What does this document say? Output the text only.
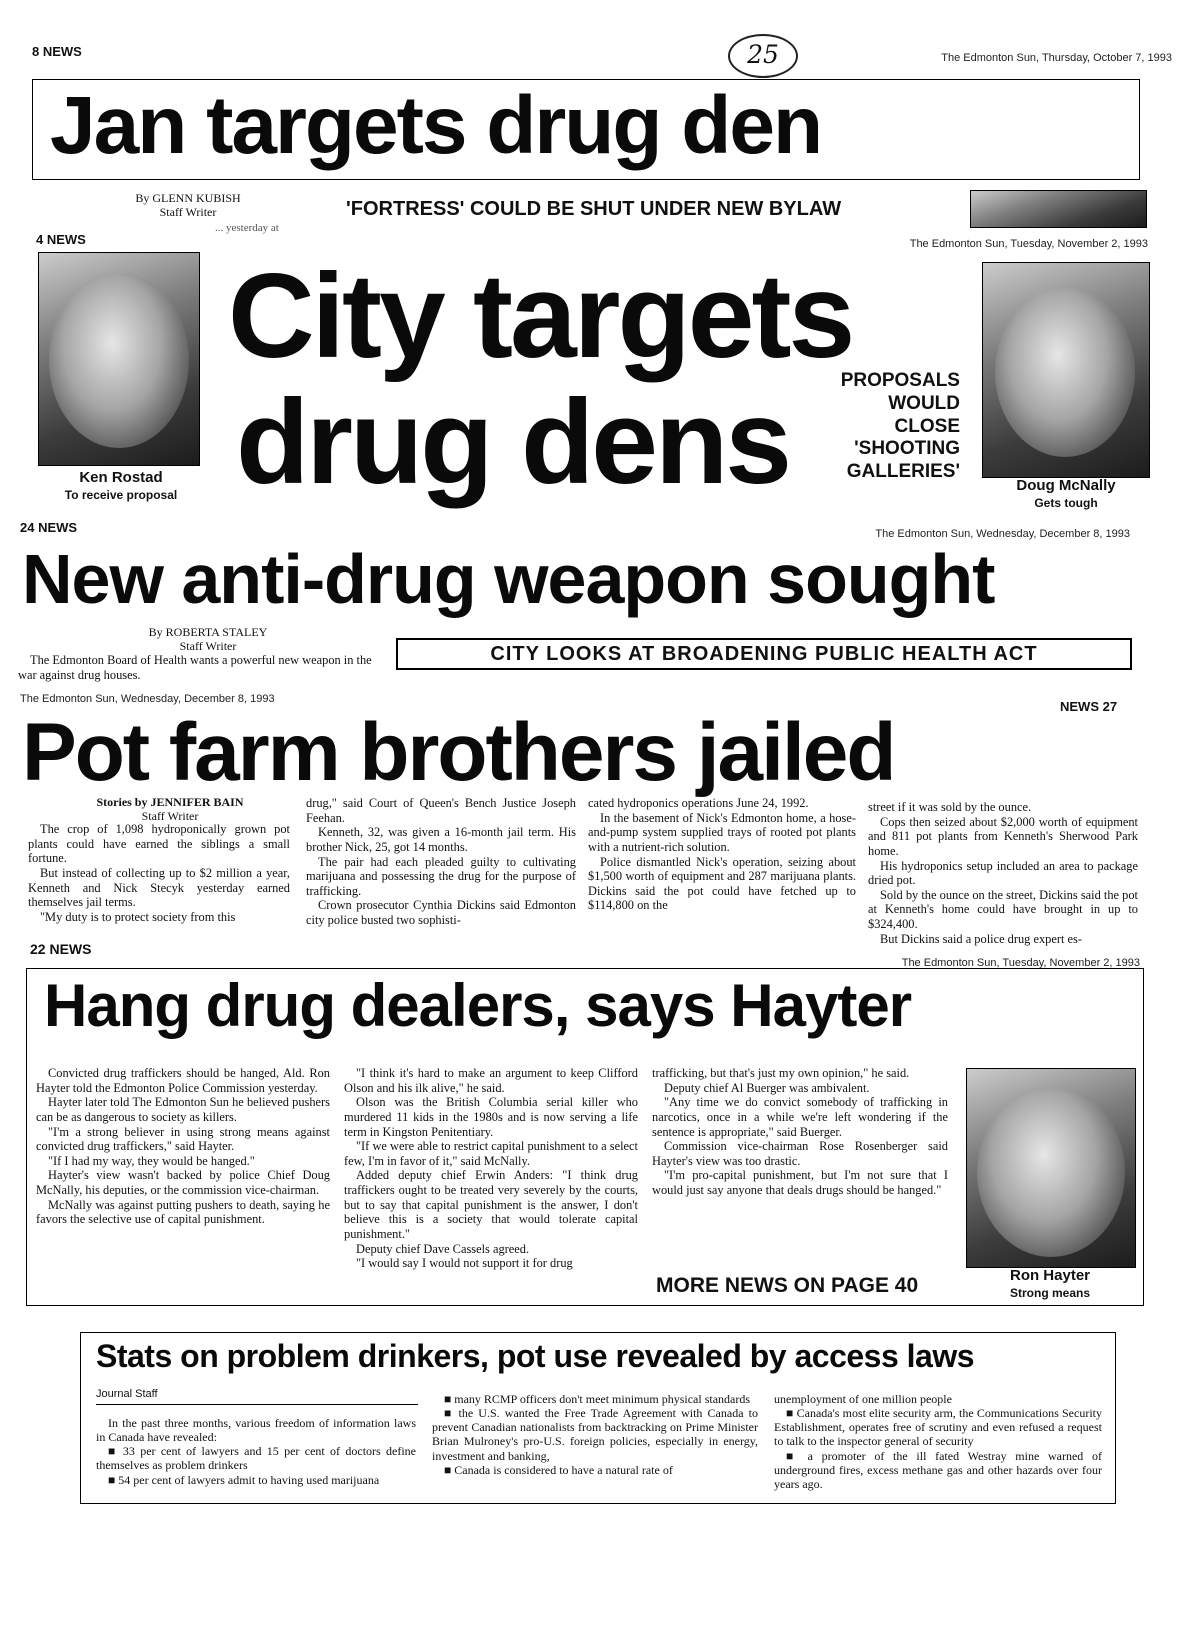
8 NEWS	25	The Edmonton Sun, Thursday, October 7, 1993
Jan targets drug den
By GLENN KUBISH
Staff Writer
... yesterday at
'FORTRESS' COULD BE SHUT UNDER NEW BYLAW
4 NEWS	The Edmonton Sun, Tuesday, November 2, 1993
Ken Rostad
To receive proposal
City targets
drug dens	PROPOSALS
WOULD
CLOSE
'SHOOTING
GALLERIES'
Doug McNally
Gets tough
24 NEWS	The Edmonton Sun, Wednesday, December 8, 1993
New anti-drug weapon sought
By ROBERTA STALEY
Staff Writer

The Edmonton Board of Health wants a powerful new weapon in the war against drug houses.

CITY LOOKS AT BROADENING PUBLIC HEALTH ACT
The Edmonton Sun, Wednesday, December 8, 1993	NEWS 27
Pot farm brothers jailed
Stories by JENNIFER BAIN
Staff Writer

The crop of 1,098 hydroponically grown pot plants could have earned the siblings a small fortune.

But instead of collecting up to $2 million a year, Kenneth and Nick Stecyk yesterday earned themselves jail terms.

"My duty is to protect society from this

drug," said Court of Queen's Bench Justice Joseph Feehan.

Kenneth, 32, was given a 16-month jail term. His brother Nick, 25, got 14 months.

The pair had each pleaded guilty to cultivating marijuana and possessing the drug for the purpose of trafficking.

Crown prosecutor Cynthia Dickins said Edmonton city police busted two sophisti-

cated hydroponics operations June 24, 1992.

In the basement of Nick's Edmonton home, a hose-and-pump system supplied trays of rooted pot plants with a nutrient-rich solution.

Police dismantled Nick's operation, seizing about $1,500 worth of equipment and 287 marijuana plants. Dickins said the pot could have fetched up to $114,800 on the

street if it was sold by the ounce.

Cops then seized about $2,000 worth of equipment and 811 pot plants from Kenneth's Sherwood Park home.

His hydroponics setup included an area to package dried pot.

Sold by the ounce on the street, Dickins said the pot at Kenneth's home could have brought in up to $324,400.

But Dickins said a police drug expert es-

22 NEWS
The Edmonton Sun, Tuesday, November 2, 1993
Hang drug dealers, says Hayter

Convicted drug traffickers should be hanged, Ald. Ron Hayter told the Edmonton Police Commission yesterday.

Hayter later told The Edmonton Sun he believed pushers can be as dangerous to society as killers.

"I'm a strong believer in using strong means against convicted drug traffickers," said Hayter.

"If I had my way, they would be hanged."

Hayter's view wasn't backed by police Chief Doug McNally, his deputies, or the commission vice-chairman.

McNally was against putting pushers to death, saying he favors the selective use of capital punishment.

"I think it's hard to make an argument to keep Clifford Olson and his ilk alive," he said.

Olson was the British Columbia serial killer who murdered 11 kids in the 1980s and is now serving a life term in Kingston Penitentiary.

"If we were able to restrict capital punishment to a select few, I'm in favor of it," said McNally.

Added deputy chief Erwin Anders: "I think drug traffickers ought to be treated very severely by the courts, but to say that capital punishment is the answer, I don't believe this is a society that would tolerate capital punishment."

Deputy chief Dave Cassels agreed.

"I would say I would not support it for drug

trafficking, but that's just my own opinion," he said.

Deputy chief Al Buerger was ambivalent.

"Any time we do convict somebody of trafficking in narcotics, once in a while we're left wondering if the sentence is appropriate," said Buerger.

Commission vice-chairman Rose Rosenberger said Hayter's view was too drastic.

"I'm pro-capital punishment, but I'm not sure that I would just say anyone that deals drugs should be hanged."

MORE NEWS ON PAGE 40	Ron Hayter
Strong means
Stats on problem drinkers, pot use revealed by access laws
Journal Staff

In the past three months, various freedom of information laws in Canada have revealed:

■ 33 per cent of lawyers and 15 per cent of doctors define themselves as problem drinkers

■ 54 per cent of lawyers admit to having used marijuana

■ many RCMP officers don't meet minimum physical standards

■ the U.S. wanted the Free Trade Agreement with Canada to prevent Canadian nationalists from backtracking on Prime Minister Brian Mulroney's pro-U.S. foreign policies, especially in energy, investment and banking,

■ Canada is considered to have a natural rate of

unemployment of one million people

■ Canada's most elite security arm, the Communications Security Establishment, operates free of scrutiny and even refused a request to talk to the inspector general of security

■ a promoter of the ill fated Westray mine warned of underground fires, excess methane gas and other hazards over four years ago.
